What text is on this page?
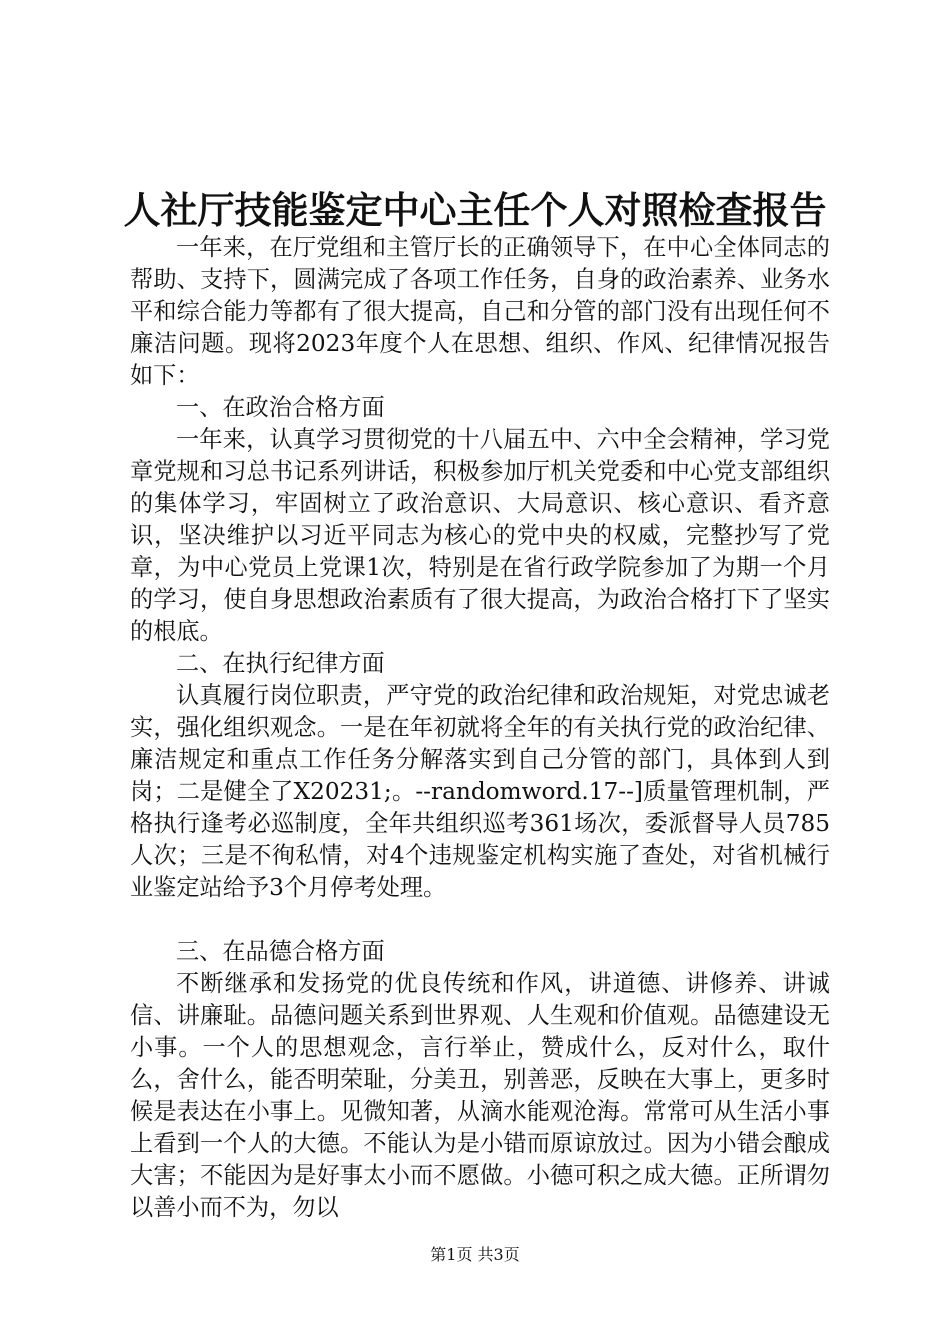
人社厅技能鉴定中心主任个人对照检查报告

一年来，在厅党组和主管厅长的正确领导下，在中心全体同志的帮助、支持下，圆满完成了各项工作任务，自身的政治素养、业务水平和综合能力等都有了很大提高，自己和分管的部门没有出现任何不廉洁问题。现将2023年度个人在思想、组织、作风、纪律情况报告如下：

一、在政治合格方面

一年来，认真学习贯彻党的十八届五中、六中全会精神，学习党章党规和习总书记系列讲话，积极参加厅机关党委和中心党支部组织的集体学习，牢固树立了政治意识、大局意识、核心意识、看齐意识，坚决维护以习近平同志为核心的党中央的权威，完整抄写了党章，为中心党员上党课1次，特别是在省行政学院参加了为期一个月的学习，使自身思想政治素质有了很大提高，为政治合格打下了坚实的根底。

二、在执行纪律方面

认真履行岗位职责，严守党的政治纪律和政治规矩，对党忠诚老实，强化组织观念。一是在年初就将全年的有关执行党的政治纪律、廉洁规定和重点工作任务分解落实到自己分管的部门，具体到人到岗；二是健全了X20231;。--randomword.17--]质量管理机制，严格执行逢考必巡制度，全年共组织巡考361场次，委派督导人员785人次；三是不徇私情，对4个违规鉴定机构实施了查处，对省机械行业鉴定站给予3个月停考处理。

三、在品德合格方面

不断继承和发扬党的优良传统和作风，讲道德、讲修养、讲诚信、讲廉耻。品德问题关系到世界观、人生观和价值观。品德建设无小事。一个人的思想观念，言行举止，赞成什么，反对什么，取什么，舍什么，能否明荣耻，分美丑，别善恶，反映在大事上，更多时候是表达在小事上。见微知著，从滴水能观沧海。常常可从生活小事上看到一个人的大德。不能认为是小错而原谅放过。因为小错会酿成大害；不能因为是好事太小而不愿做。小德可积之成大德。正所谓勿以善小而不为，勿以

第1页 共3页
